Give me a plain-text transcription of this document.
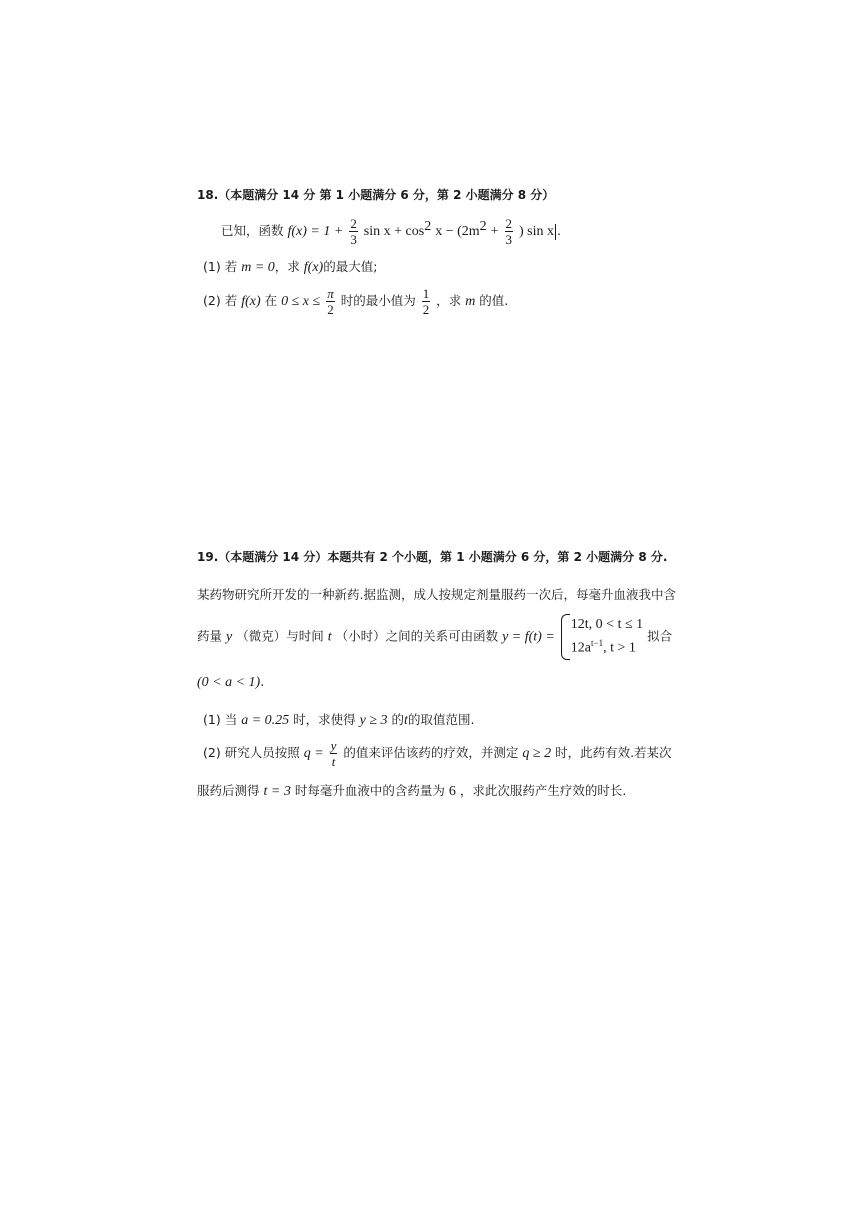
18.（本题满分 14 分 第 1 小题满分 6 分，第 2 小题满分 8 分）
已知，函数 $f(x) = 1 + \frac{2}{3}$ $\sin x + \cos^2 x - (2m^2 + \frac{2}{3}$ ) sin x .
(1) 若 m = 0，求 f(x)的最大值;
(2) 若 f(x) 在 $0 \le x \le \frac{\pi}{2}$ 时的最小值为 $\frac{1}{2}$ ，求 m 的值.
19.（本题满分 14 分）本题共有 2 个小题，第 1 小题满分 6 分，第 2 小题满分 8 分.
某药物研究所开发的一种新药.据监测，成人按规定剂量服药一次后，每毫升血液我中含
药量 y （微克）与时间 t （小时）之间的关系可由函数 y = f(t) =
12t, 0 < t ≤ 1
$12a^{t-1}$, t > 1
拟合
(0 < a < 1).
(1) 当 a = 0.25 时，求使得 y ≥ 3 的t的取值范围.
(2) 研究人员按照 $q = \frac{y}{t}$ 的值来评估该药的疗效，并测定 q ≥ 2 时，此药有效.若某次
服药后测得 t = 3 时每毫升血液中的含药量为 6 ，求此次服药产生疗效的时长.
